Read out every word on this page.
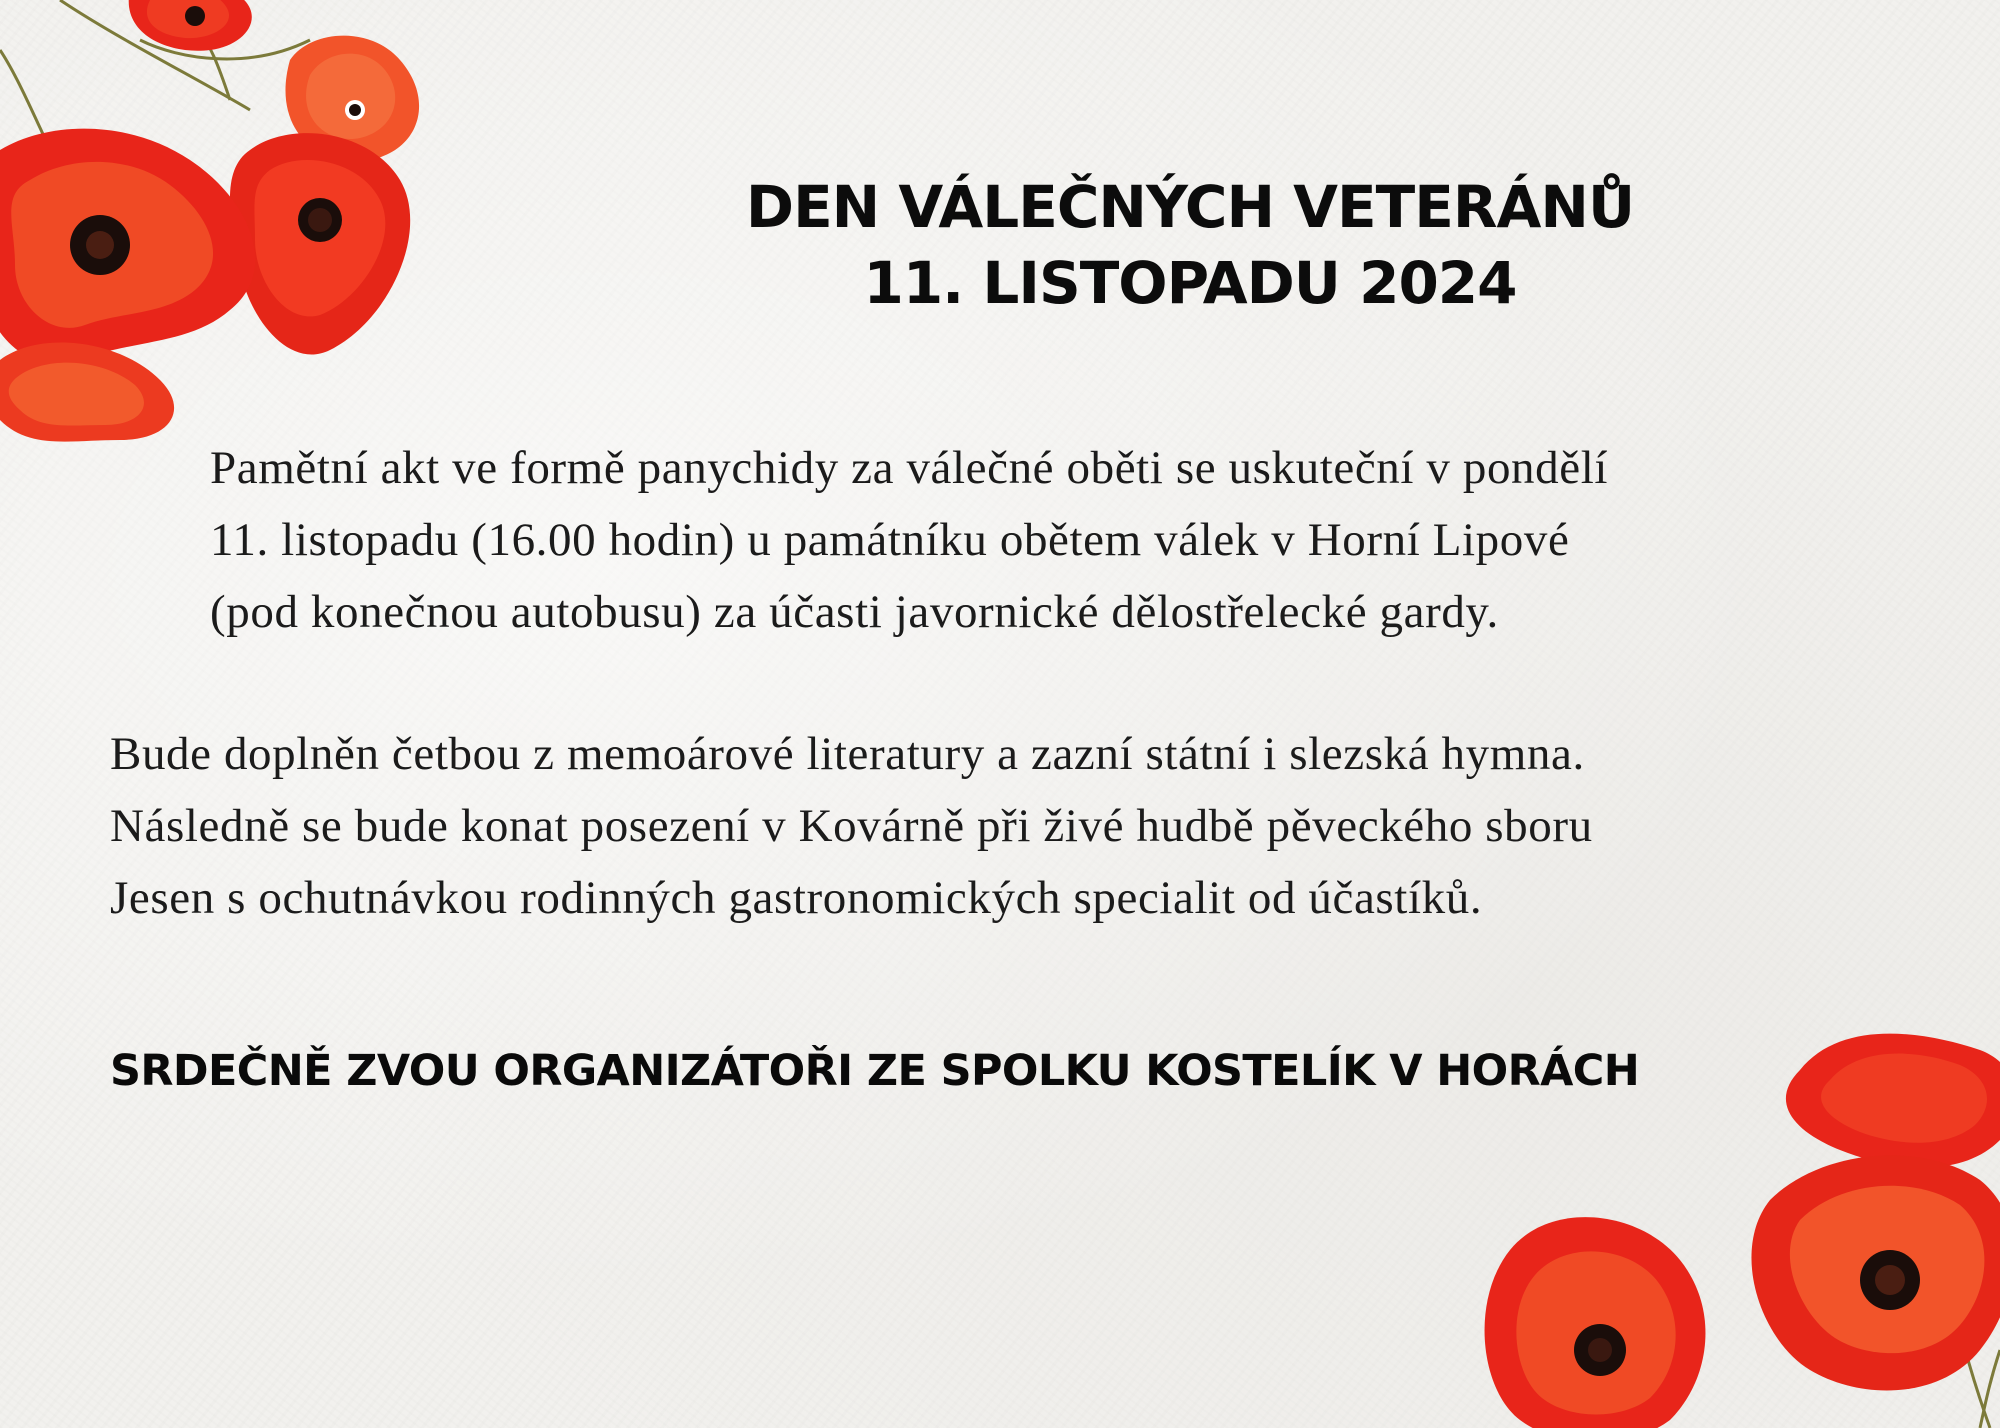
DEN VÁLEČNÝCH VETERÁNŮ
11. LISTOPADU 2024

Pamětní akt ve formě panychidy za válečné oběti se uskuteční v pondělí
11. listopadu (16.00 hodin) u památníku obětem válek v Horní Lipové
(pod konečnou autobusu) za účasti javornické dělostřelecké gardy.

Bude doplněn četbou z memoárové literatury a zazní státní i slezská hymna.
Následně se bude konat posezení v Kovárně při živé hudbě pěveckého sboru
Jesen s ochutnávkou rodinných gastronomických specialit od účastíků.

SRDEČNĚ ZVOU ORGANIZÁTOŘI ZE SPOLKU KOSTELÍK V HORÁCH
